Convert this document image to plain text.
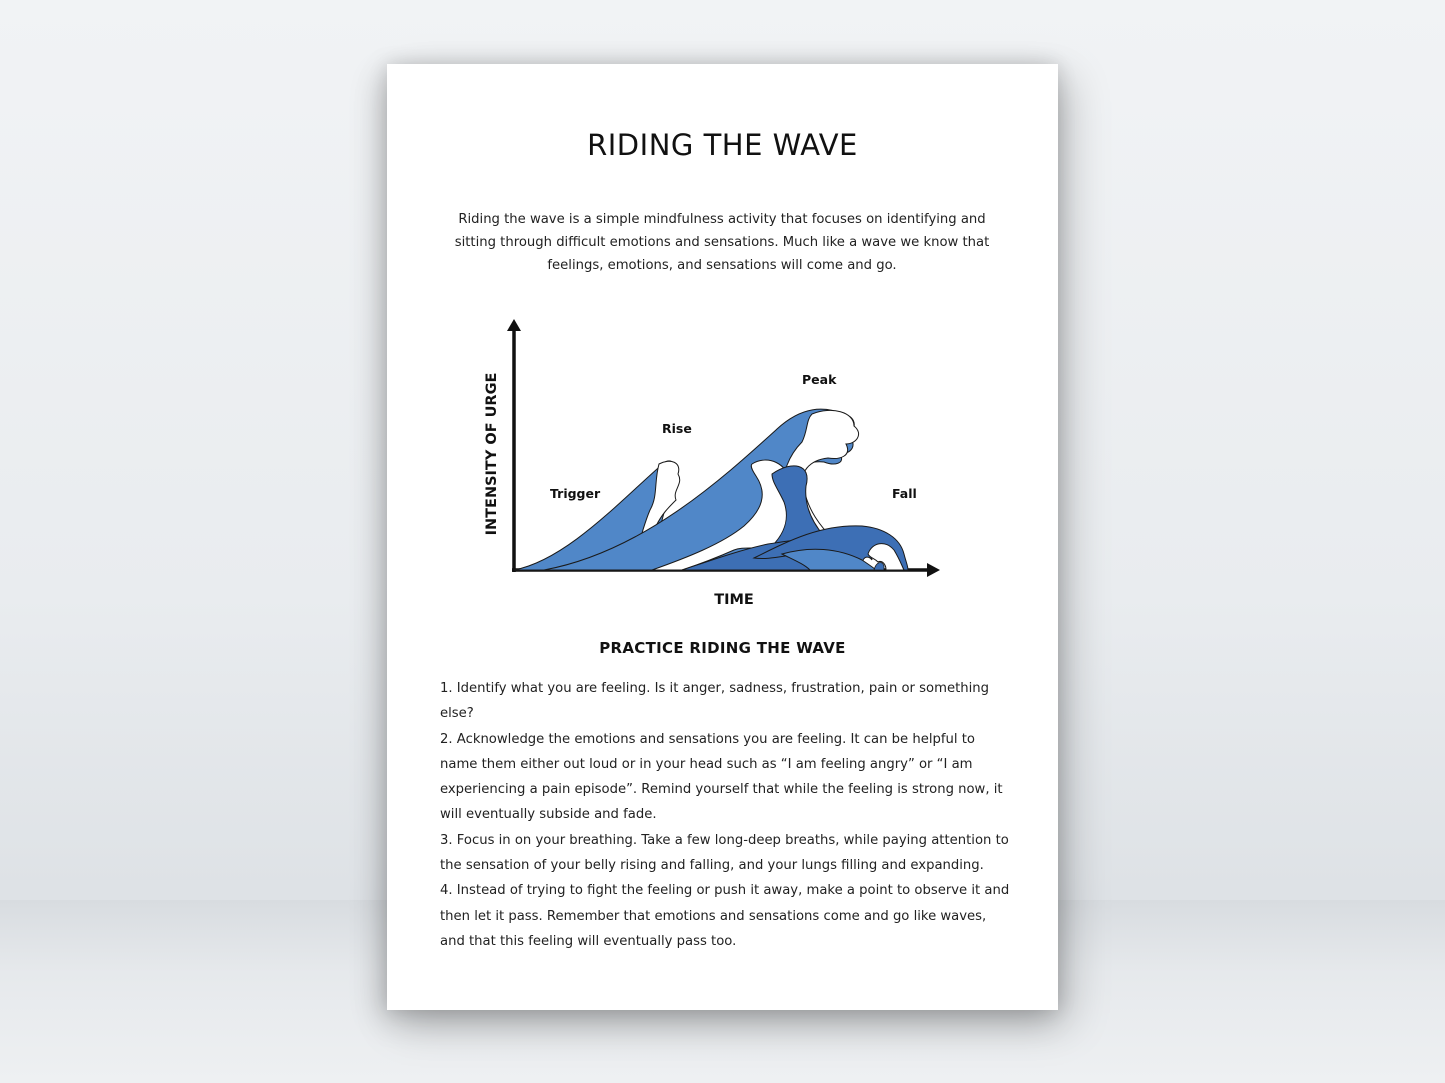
RIDING THE WAVE

Riding the wave is a simple mindfulness activity that focuses on identifying and sitting through difficult emotions and sensations. Much like a wave we know that feelings, emotions, and sensations will come and go.

Trigger
Rise
Peak
Fall
INTENSITY OF URGE
TIME
PRACTICE RIDING THE WAVE

1. Identify what you are feeling. Is it anger, sadness, frustration, pain or something else?

2. Acknowledge the emotions and sensations you are feeling. It can be helpful to name them either out loud or in your head such as “I am feeling angry” or “I am experiencing a pain episode”. Remind yourself that while the feeling is strong now, it will eventually subside and fade.

3. Focus in on your breathing. Take a few long-deep breaths, while paying attention to the sensation of your belly rising and falling, and your lungs filling and expanding.

4. Instead of trying to fight the feeling or push it away, make a point to observe it and then let it pass. Remember that emotions and sensations come and go like waves, and that this feeling will eventually pass too.
